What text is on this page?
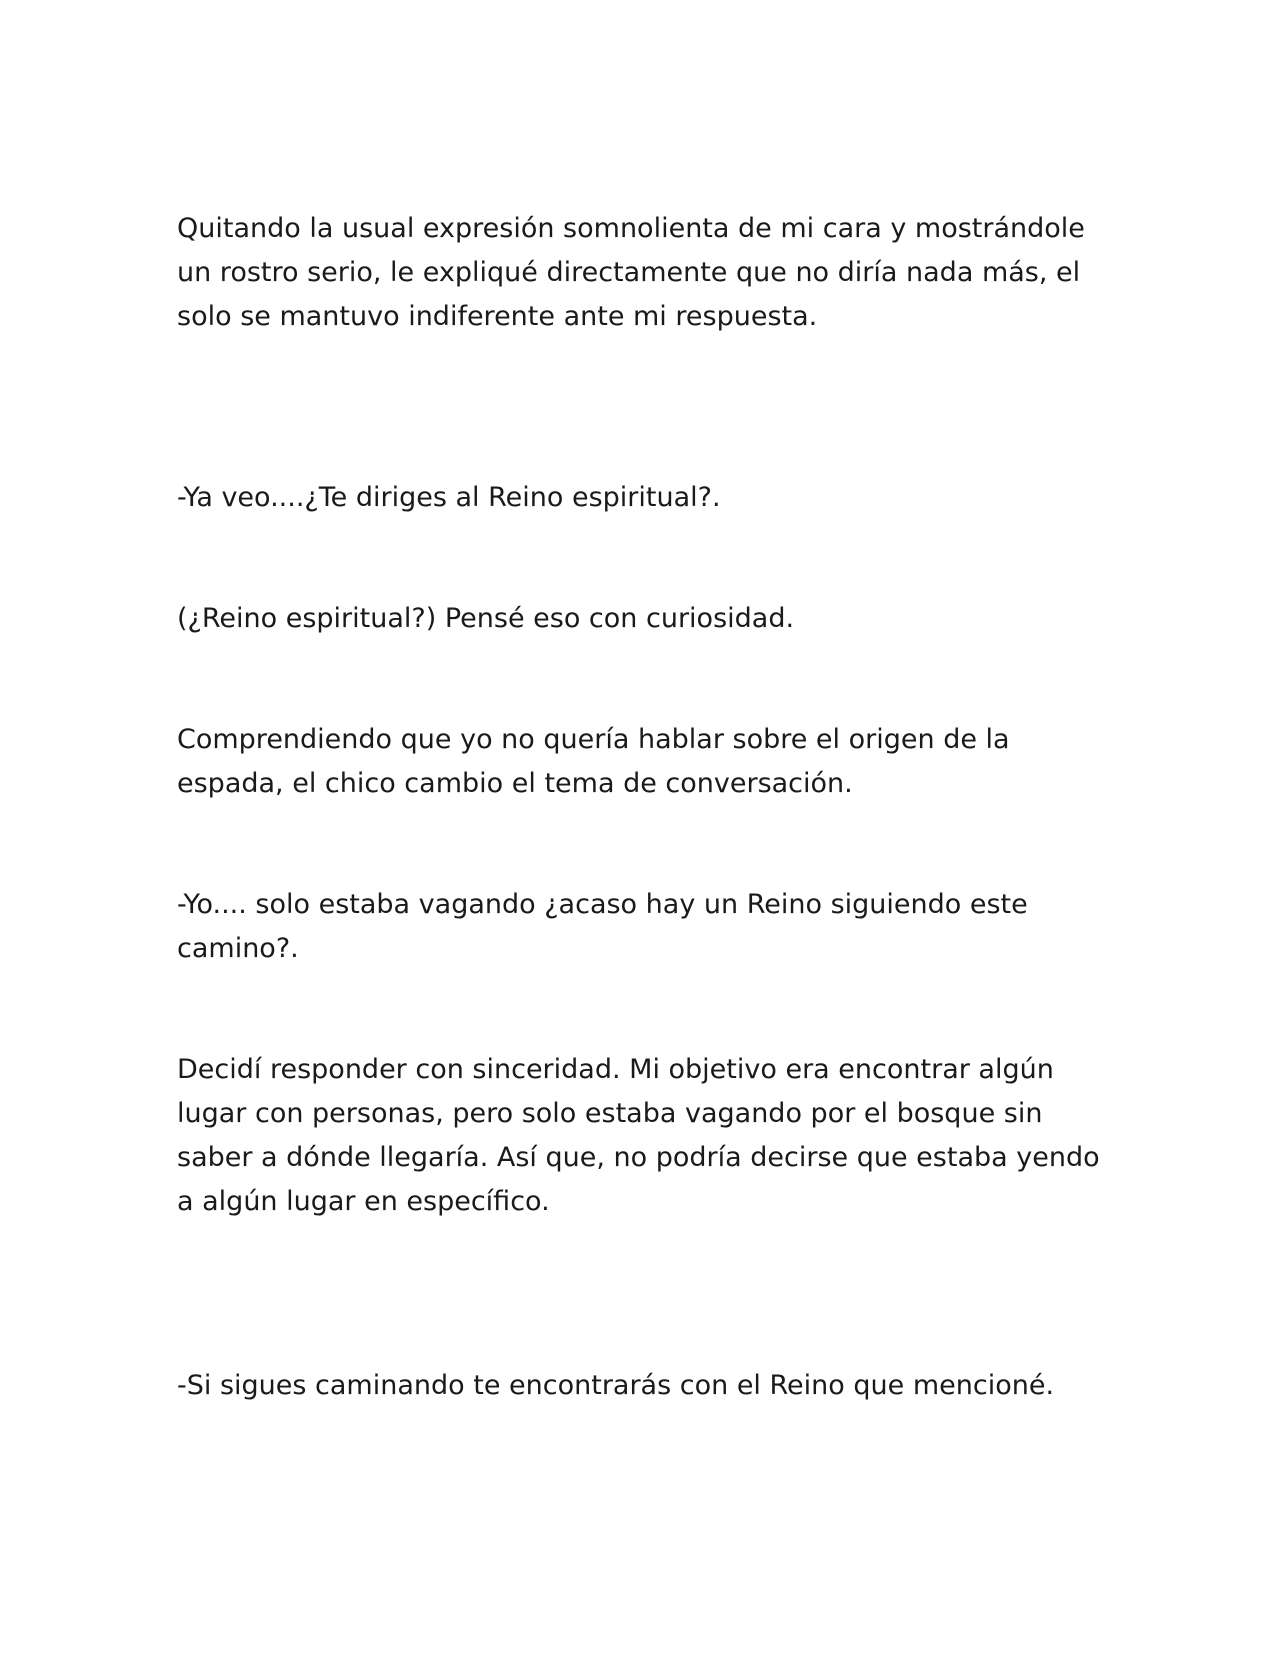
Quitando la usual expresión somnolienta de mi cara y mostrándole
un rostro serio, le expliqué directamente que no diría nada más, el
solo se mantuvo indiferente ante mi respuesta.

-Ya veo....¿Te diriges al Reino espiritual?.

(¿Reino espiritual?) Pensé eso con curiosidad.

Comprendiendo que yo no quería hablar sobre el origen de la
espada, el chico cambio el tema de conversación.

-Yo.... solo estaba vagando ¿acaso hay un Reino siguiendo este
camino?.

Decidí responder con sinceridad. Mi objetivo era encontrar algún
lugar con personas, pero solo estaba vagando por el bosque sin
saber a dónde llegaría. Así que, no podría decirse que estaba yendo
a algún lugar en específico.

-Si sigues caminando te encontrarás con el Reino que mencioné.
